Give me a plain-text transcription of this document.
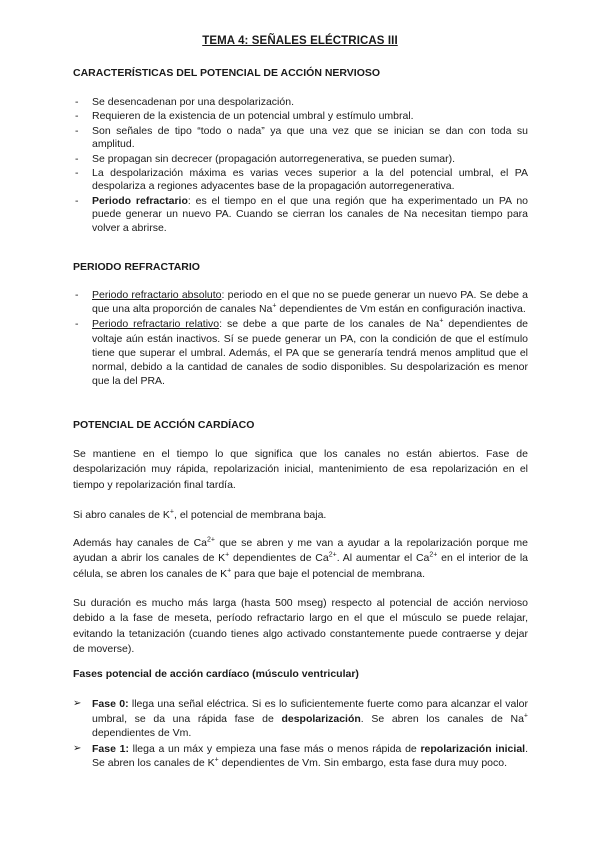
TEMA 4: SEÑALES ELÉCTRICAS III
CARACTERÍSTICAS DEL POTENCIAL DE ACCIÓN NERVIOSO
- Se desencadenan por una despolarización.
- Requieren de la existencia de un potencial umbral y estímulo umbral.
- Son señales de tipo “todo o nada” ya que una vez que se inician se dan con toda su amplitud.
- Se propagan sin decrecer (propagación autorregenerativa, se pueden sumar).
- La despolarización máxima es varias veces superior a la del potencial umbral, el PA despolariza a regiones adyacentes base de la propagación autorregenerativa.
- Periodo refractario: es el tiempo en el que una región que ha experimentado un PA no puede generar un nuevo PA. Cuando se cierran los canales de Na necesitan tiempo para volver a abrirse.
PERIODO REFRACTARIO
- Periodo refractario absoluto: periodo en el que no se puede generar un nuevo PA. Se debe a que una alta proporción de canales Na+ dependientes de Vm están en configuración inactiva.
- Periodo refractario relativo: se debe a que parte de los canales de Na+ dependientes de voltaje aún están inactivos. Sí se puede generar un PA, con la condición de que el estímulo tiene que superar el umbral. Además, el PA que se generaría tendrá menos amplitud que el normal, debido a la cantidad de canales de sodio disponibles. Su despolarización es menor que la del PRA.
POTENCIAL DE ACCIÓN CARDÍACO

Se mantiene en el tiempo lo que significa que los canales no están abiertos. Fase de despolarización muy rápida, repolarización inicial, mantenimiento de esa repolarización en el tiempo y repolarización final tardía.

Si abro canales de K+, el potencial de membrana baja.

Además hay canales de $Ca^{2+}$ que se abren y me van a ayudar a la repolarización porque me ayudan a abrir los canales de K+ dependientes de $Ca^{2+}$. Al aumentar el $Ca^{2+}$ en el interior de la célula, se abren los canales de K+ para que baje el potencial de membrana.

Su duración es mucho más larga (hasta 500 mseg) respecto al potencial de acción nervioso debido a la fase de meseta, período refractario largo en el que el músculo se puede relajar, evitando la tetanización (cuando tienes algo activado constantemente puede contraerse y dejar de moverse).

Fases potencial de acción cardíaco (músculo ventricular)
➢ Fase 0: llega una señal eléctrica. Si es lo suficientemente fuerte como para alcanzar el valor umbral, se da una rápida fase de despolarización. Se abren los canales de Na+ dependientes de Vm.
➢ Fase 1: llega a un máx y empieza una fase más o menos rápida de repolarización inicial. Se abren los canales de K+ dependientes de Vm. Sin embargo, esta fase dura muy poco.
